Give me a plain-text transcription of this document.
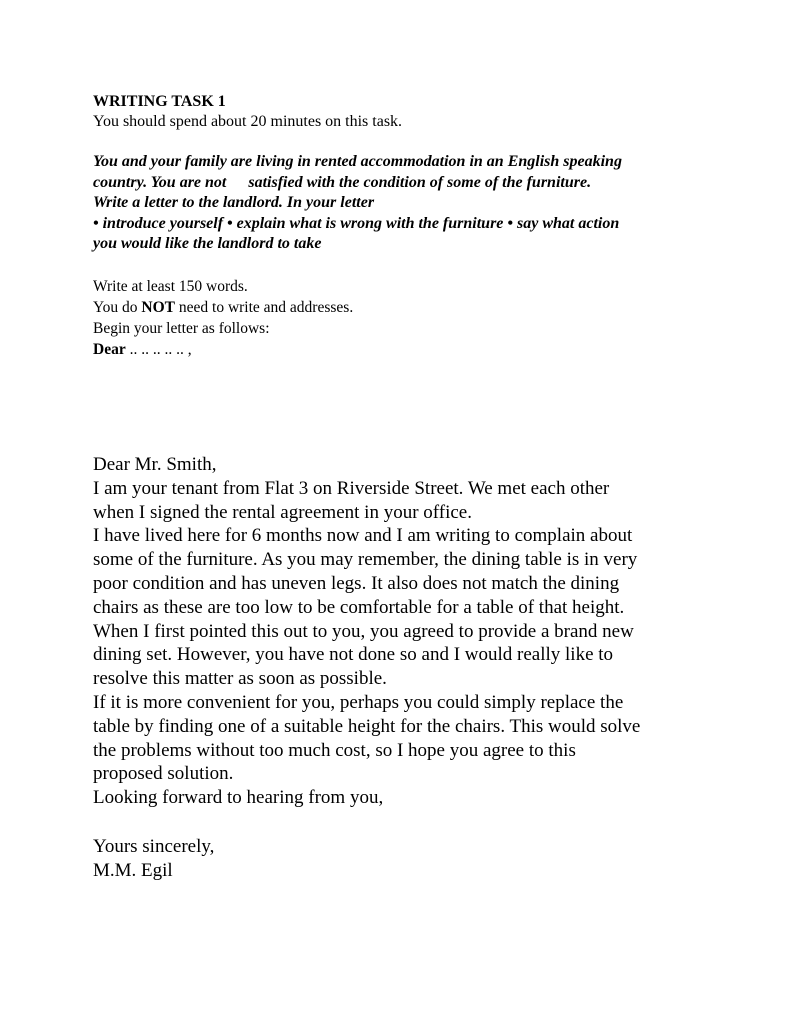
WRITING TASK 1

You should spend about 20 minutes on this task.

You and your family are living in rented accommodation in an English speaking
country. You are not satisfied with the condition of some of the furniture.
Write a letter to the landlord. In your letter
• introduce yourself • explain what is wrong with the furniture • say what action
you would like the landlord to take
Write at least 150 words.
You do NOT need to write and addresses.
Begin your letter as follows:
Dear .. .. .. .. .. ,
Dear Mr. Smith,
I am your tenant from Flat 3 on Riverside Street. We met each other
when I signed the rental agreement in your office.
I have lived here for 6 months now and I am writing to complain about
some of the furniture. As you may remember, the dining table is in very
poor condition and has uneven legs. It also does not match the dining
chairs as these are too low to be comfortable for a table of that height.
When I first pointed this out to you, you agreed to provide a brand new
dining set. However, you have not done so and I would really like to
resolve this matter as soon as possible.
If it is more convenient for you, perhaps you could simply replace the
table by finding one of a suitable height for the chairs. This would solve
the problems without too much cost, so I hope you agree to this
proposed solution.
Looking forward to hearing from you,
Yours sincerely,
M.M. Egil
